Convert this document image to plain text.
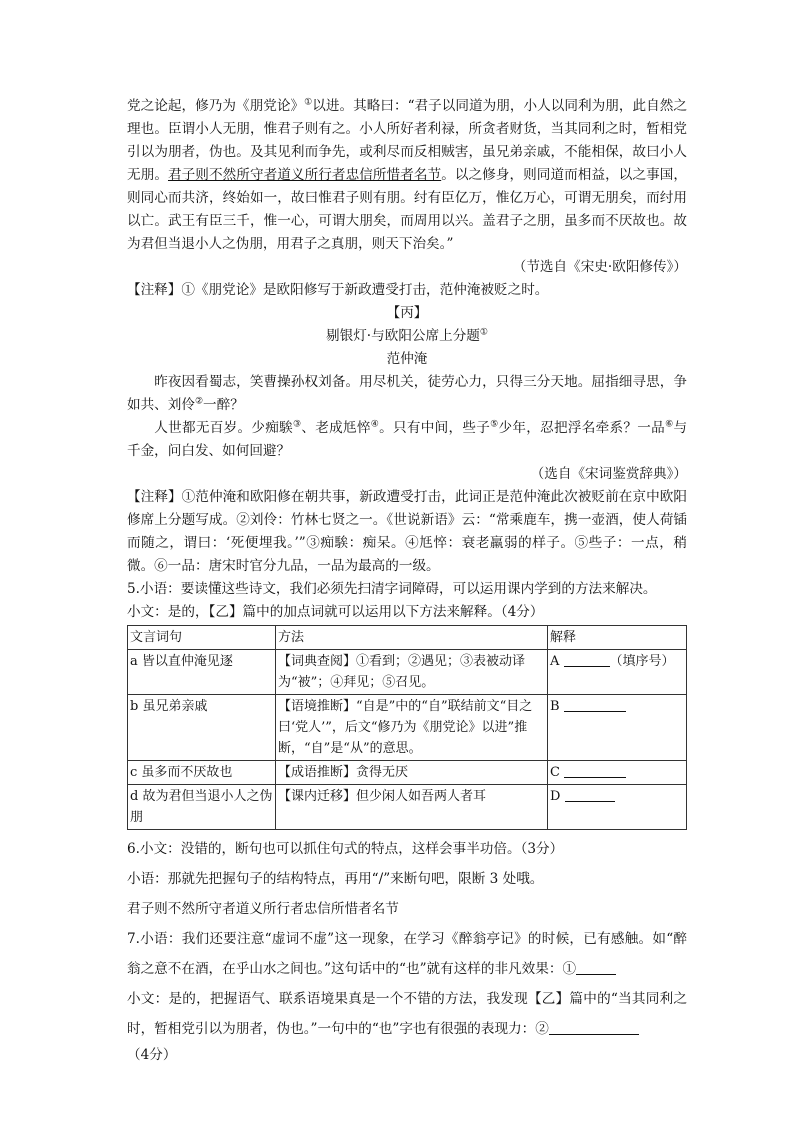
党之论起，修乃为《朋党论》①以进。其略曰：“君子以同道为朋，小人以同利为朋，此自然之理也。臣谓小人无朋，惟君子则有之。小人所好者利禄，所贪者财货，当其同利之时，暂相党引以为朋者，伪也。及其见利而争先，或利尽而反相贼害，虽兄弟亲戚，不能相保，故曰小人无朋。君子则不然所守者道义所行者忠信所惜者名节。以之修身，则同道而相益，以之事国，则同心而共济，终始如一，故曰惟君子则有朋。纣有臣亿万，惟亿万心，可谓无朋矣，而纣用以亡。武王有臣三千，惟一心，可谓大朋矣，而周用以兴。盖君子之朋，虽多而不厌故也。故为君但当退小人之伪朋，用君子之真朋，则天下治矣。”

（节选自《宋史·欧阳修传》）

【注释】①《朋党论》是欧阳修写于新政遭受打击，范仲淹被贬之时。

【丙】

剔银灯·与欧阳公席上分题①

范仲淹

昨夜因看蜀志，笑曹操孙权刘备。用尽机关，徒劳心力，只得三分天地。屈指细寻思，争如共、刘伶②一醉？

人世都无百岁。少痴騃③、老成尪悴④。只有中间，些子⑤少年，忍把浮名牵系？一品⑥与千金，问白发、如何回避？

（选自《宋词鉴赏辞典》）

【注释】①范仲淹和欧阳修在朝共事，新政遭受打击，此词正是范仲淹此次被贬前在京中欧阳修席上分题写成。②刘伶：竹林七贤之一。《世说新语》云：“常乘鹿车，携一壶酒，使人荷锸而随之，谓曰：‘死便埋我。’”③痴騃：痴呆。④尪悴：衰老羸弱的样子。⑤些子：一点，稍微。⑥一品：唐宋时官分九品，一品为最高的一级。

5.小语：要读懂这些诗文，我们必须先扫清字词障碍，可以运用课内学到的方法来解决。

小文：是的，【乙】篇中的加点词就可以运用以下方法来解释。（4分）

文言词句	方法	解释
a 皆以直仲淹见逐	【词典查阅】①看到；②遇见；③表被动译为“被”；④拜见；⑤召见。	A （填序号）
b 虽兄弟亲戚	【语境推断】“自是”中的“自”联结前文“目之曰‘党人’”，后文“修乃为《朋党论》以进”推断，“自”是“从”的意思。	B
c 虽多而不厌故也	【成语推断】贪得无厌	C
d 故为君但当退小人之伪朋	【课内迁移】但少闲人如吾两人者耳	D

6.小文：没错的，断句也可以抓住句式的特点，这样会事半功倍。（3分）

小语：那就先把握句子的结构特点，再用“/”来断句吧，限断 3 处哦。

君子则不然所守者道义所行者忠信所惜者名节

7.小语：我们还要注意“虚词不虚”这一现象，在学习《醉翁亭记》的时候，已有感触。如“醉翁之意不在酒，在乎山水之间也。”这句话中的“也”就有这样的非凡效果：①

小文：是的，把握语气、联系语境果真是一个不错的方法，我发现【乙】篇中的“当其同利之时，暂相党引以为朋者，伪也。”一句中的“也”字也有很强的表现力：②

（4分）
